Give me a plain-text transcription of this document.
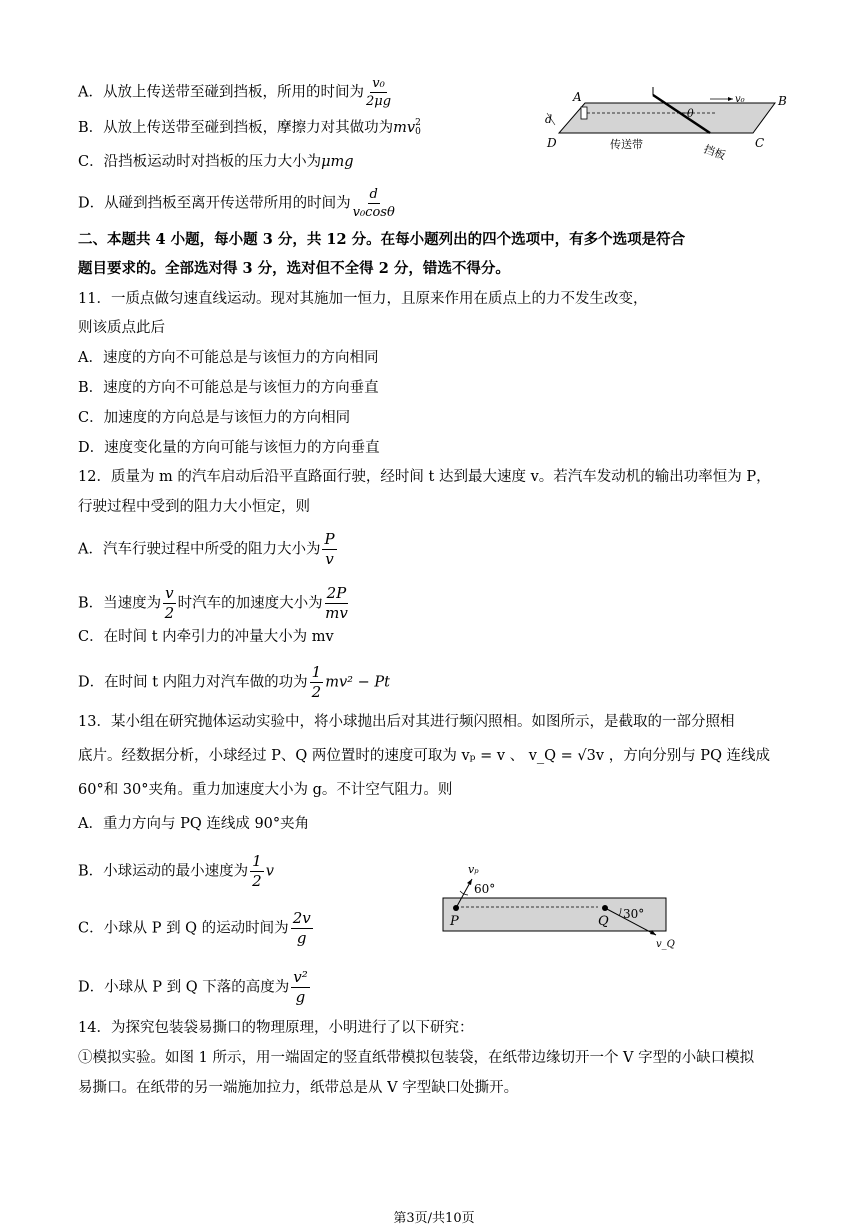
A．从放上传送带至碰到挡板，所用的时间为 $\frac{\text{v₀}}{2\mu g}$
B．从放上传送带至碰到挡板，摩擦力对其做功为mv 2
0
C．沿挡板运动时对挡板的压力大小为μmg
D．从碰到挡板至离开传送带所用的时间为 $\frac{d}{\text{v₀cosθ}}$
A	B
C
D
d	θ
v₀
传送带	挡板
二、本题共 4 小题，每小题 3 分，共 12 分。在每小题列出的四个选项中，有多个选项是符合
题目要求的。全部选对得 3 分，选对但不全得 2 分，错选不得分。
11．一质点做匀速直线运动。现对其施加一恒力，且原来作用在质点上的力不发生改变，
则该质点此后
A．速度的方向不可能总是与该恒力的方向相同
B．速度的方向不可能总是与该恒力的方向垂直
C．加速度的方向总是与该恒力的方向相同
D．速度变化量的方向可能与该恒力的方向垂直
12．质量为 m 的汽车启动后沿平直路面行驶，经时间 t 达到最大速度 v。若汽车发动机的输出功率恒为 P，
行驶过程中受到的阻力大小恒定，则
A．汽车行驶过程中所受的阻力大小为 $\frac{P}{v}$
B．当速度为 $\frac{v}{2}$ 时汽车的加速度大小为 $\frac{2P}{mv}$
C．在时间 t 内牵引力的冲量大小为 mv
D．在时间 t 内阻力对汽车做的功为 $\frac{1}{2} mv^2 - Pt$
13．某小组在研究抛体运动实验中，将小球抛出后对其进行频闪照相。如图所示，是截取的一部分照相
底片。经数据分析，小球经过 P、Q 两位置时的速度可取为 vₚ = v 、 v_Q = √3v ，方向分别与 PQ 连线成
60°和 30°夹角。重力加速度大小为 g。不计空气阻力。则
A．重力方向与 PQ 连线成 90°夹角
B．小球运动的最小速度为 $\frac{1}{2}$ v
C．小球从 P 到 Q 的运动时间为 $\frac{2v}{g}$
D．小球从 P 到 Q 下落的高度为 $\frac{\text{v²}}{g}$
P	Q
vₚ
60°
30°
v_Q
14．为探究包装袋易撕口的物理原理，小明进行了以下研究：
①模拟实验。如图 1 所示，用一端固定的竖直纸带模拟包装袋，在纸带边缘切开一个 V 字型的小缺口模拟
易撕口。在纸带的另一端施加拉力，纸带总是从 V 字型缺口处撕开。
第3页/共10页
